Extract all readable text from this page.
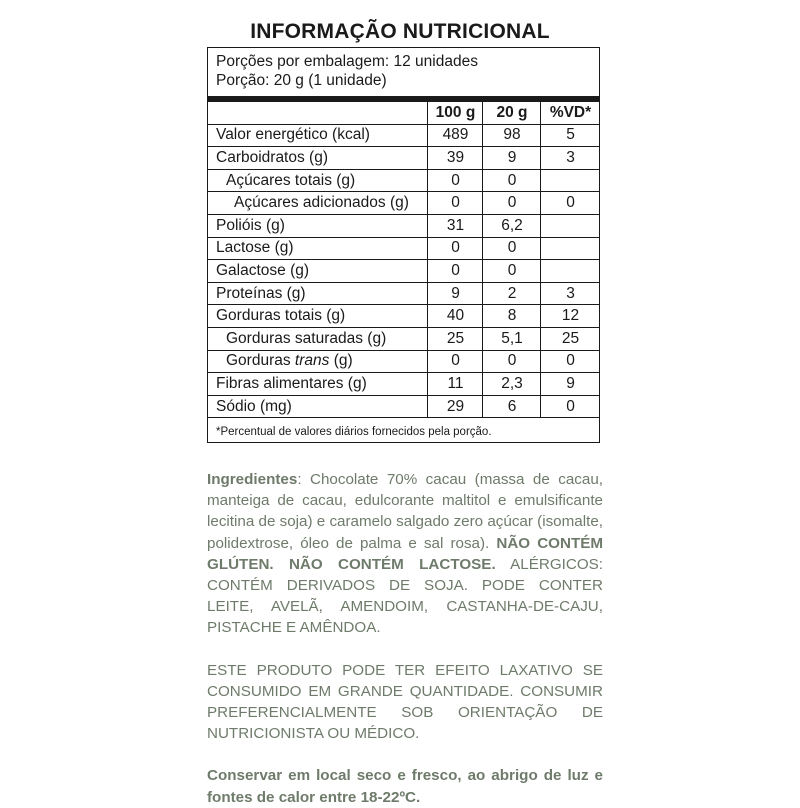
INFORMAÇÃO NUTRICIONAL
Porções por embalagem: 12 unidades
Porção: 20 g (1 unidade)
100 g	20 g	%VD*
Valor energético (kcal)	489	98	5
Carboidratos (g)	39	9	3
Açúcares totais (g)	0	0
Açúcares adicionados (g)	0	0	0
Polióis (g)	31	6,2
Lactose (g)	0	0
Galactose (g)	0	0
Proteínas (g)	9	2	3
Gorduras totais (g)	40	8	12
Gorduras saturadas (g)	25	5,1	25
Gorduras trans (g)	0	0	0
Fibras alimentares (g)	11	2,3	9
Sódio (mg)	29	6	0
*Percentual de valores diários fornecidos pela porção.

Ingredientes: Chocolate 70% cacau (massa de cacau, manteiga de cacau, edulcorante maltitol e emulsificante lecitina de soja) e caramelo salgado zero açúcar (isomalte, polidextrose, óleo de palma e sal rosa). NÃO CONTÉM GLÚTEN. NÃO CONTÉM LACTOSE. ALÉRGICOS: CONTÉM DERIVADOS DE SOJA. PODE CONTER LEITE, AVELÃ, AMENDOIM, CASTANHA-DE-CAJU, PISTACHE E AMÊNDOA.

ESTE PRODUTO PODE TER EFEITO LAXATIVO SE CONSUMIDO EM GRANDE QUANTIDADE. CONSUMIR PREFERENCIALMENTE SOB ORIENTAÇÃO DE NUTRICIONISTA OU MÉDICO.

Conservar em local seco e fresco, ao abrigo de luz e fontes de calor entre 18-22ºC.
